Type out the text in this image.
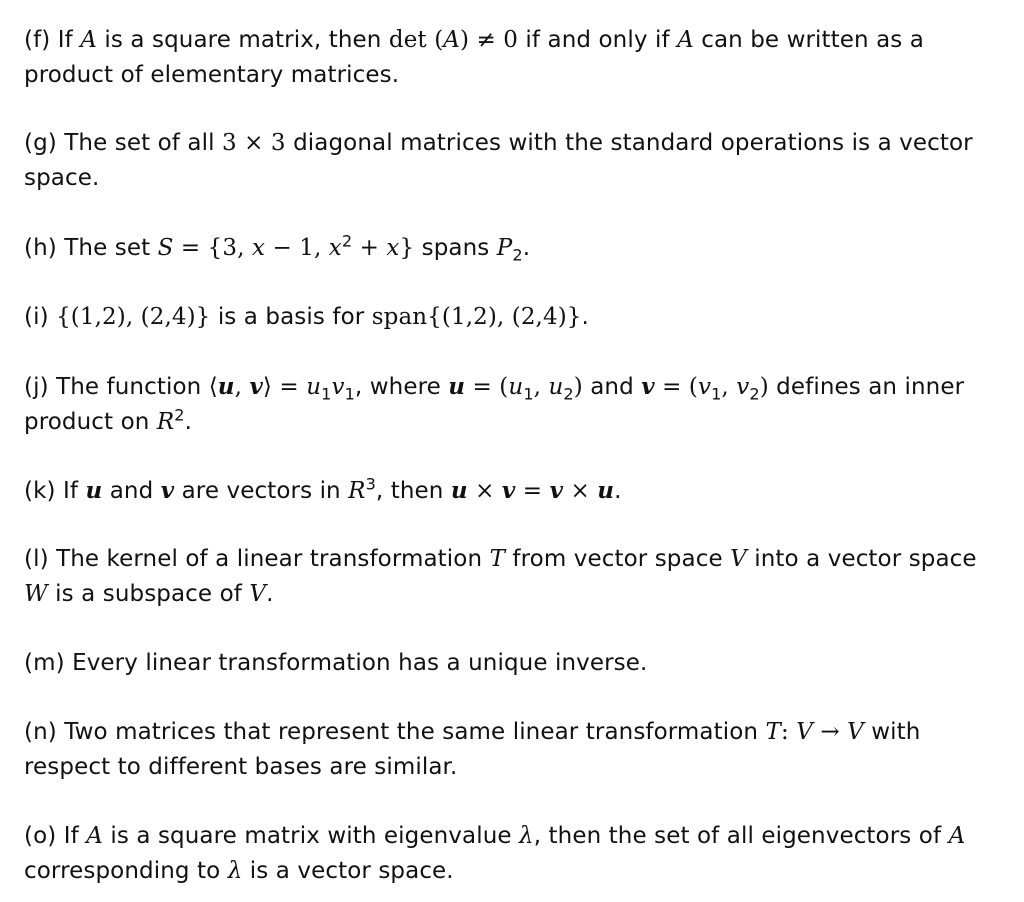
(f) If A is a square matrix, then det (A) ≠ 0 if and only if A can be written as a
product of elementary matrices.
(g) The set of all 3 × 3 diagonal matrices with the standard operations is a vector
space.
(h) The set S = {3, x − 1, $x^2 + x$} spans $P_2$.
(i) {(1,2), (2,4)} is a basis for span{(1,2), (2,4)}.
(j) The function ⟨u, v⟩ = $u_1v_1$, where $u = (u_1$, $u_2$) and $v = (v_1$, $v_2$) defines an inner
product on $R^2$.
(k) If u and v are vectors in $R^3$, then u × v = v × u.
(l) The kernel of a linear transformation T from vector space V into a vector space
W is a subspace of V.
(m) Every linear transformation has a unique inverse.
(n) Two matrices that represent the same linear transformation T: V → V with
respect to different bases are similar.
(o) If A is a square matrix with eigenvalue λ, then the set of all eigenvectors of A
corresponding to λ is a vector space.
